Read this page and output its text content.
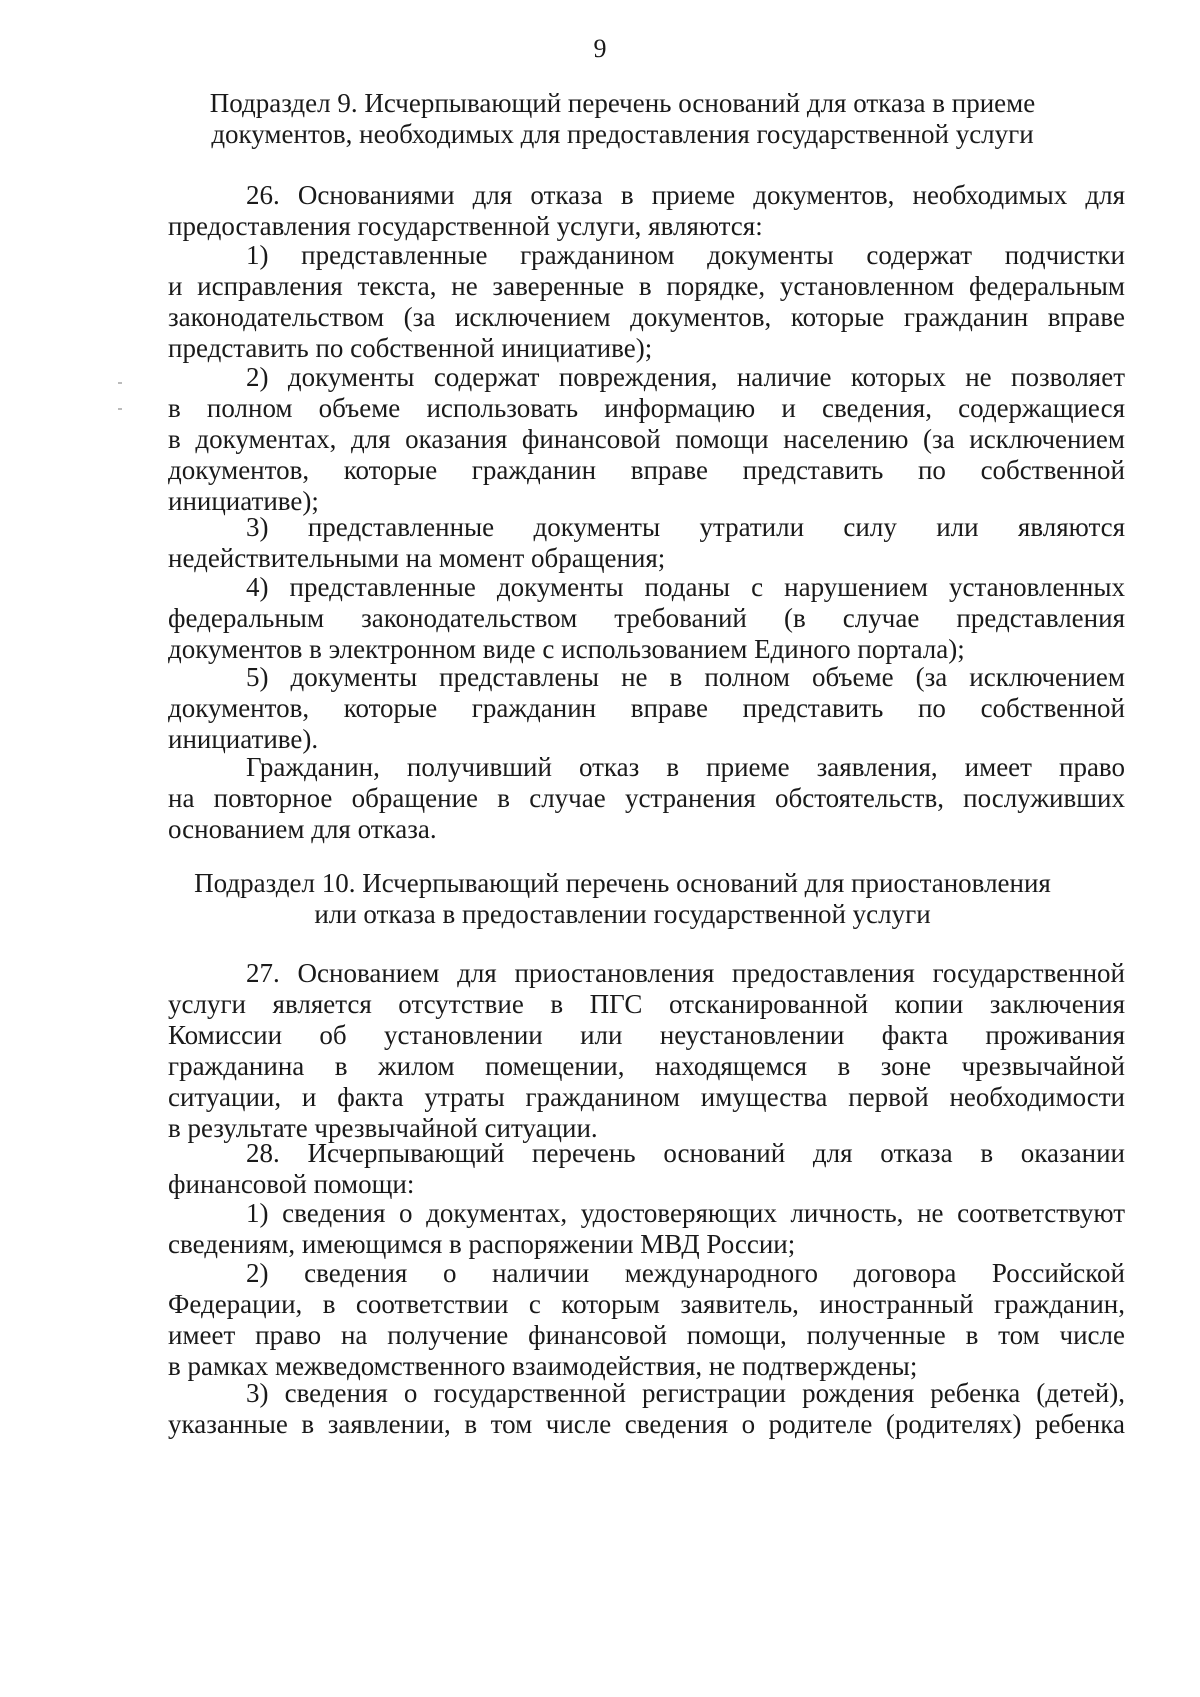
9
Подраздел 9. Исчерпывающий перечень оснований для отказа в приеме
документов, необходимых для предоставления государственной услуги
26. Основаниями для отказа в приеме документов, необходимых для
предоставления государственной услуги, являются:
1) представленные гражданином документы содержат подчистки
и исправления текста, не заверенные в порядке, установленном федеральным
законодательством (за исключением документов, которые гражданин вправе
представить по собственной инициативе);
2) документы содержат повреждения, наличие которых не позволяет
в полном объеме использовать информацию и сведения, содержащиеся
в документах, для оказания финансовой помощи населению (за исключением
документов, которые гражданин вправе представить по собственной
инициативе);
3) представленные документы утратили силу или являются
недействительными на момент обращения;
4) представленные документы поданы с нарушением установленных
федеральным законодательством требований (в случае представления
документов в электронном виде с использованием Единого портала);
5) документы представлены не в полном объеме (за исключением
документов, которые гражданин вправе представить по собственной
инициативе).
Гражданин, получивший отказ в приеме заявления, имеет право
на повторное обращение в случае устранения обстоятельств, послуживших
основанием для отказа.
Подраздел 10. Исчерпывающий перечень оснований для приостановления
или отказа в предоставлении государственной услуги
27. Основанием для приостановления предоставления государственной
услуги является отсутствие в ПГС отсканированной копии заключения
Комиссии об установлении или неустановлении факта проживания
гражданина в жилом помещении, находящемся в зоне чрезвычайной
ситуации, и факта утраты гражданином имущества первой необходимости
в результате чрезвычайной ситуации.
28. Исчерпывающий перечень оснований для отказа в оказании
финансовой помощи:
1) сведения о документах, удостоверяющих личность, не соответствуют
сведениям, имеющимся в распоряжении МВД России;
2) сведения о наличии международного договора Российской
Федерации, в соответствии с которым заявитель, иностранный гражданин,
имеет право на получение финансовой помощи, полученные в том числе
в рамках межведомственного взаимодействия, не подтверждены;
3) сведения о государственной регистрации рождения ребенка (детей),
указанные в заявлении, в том числе сведения о родителе (родителях) ребенка
